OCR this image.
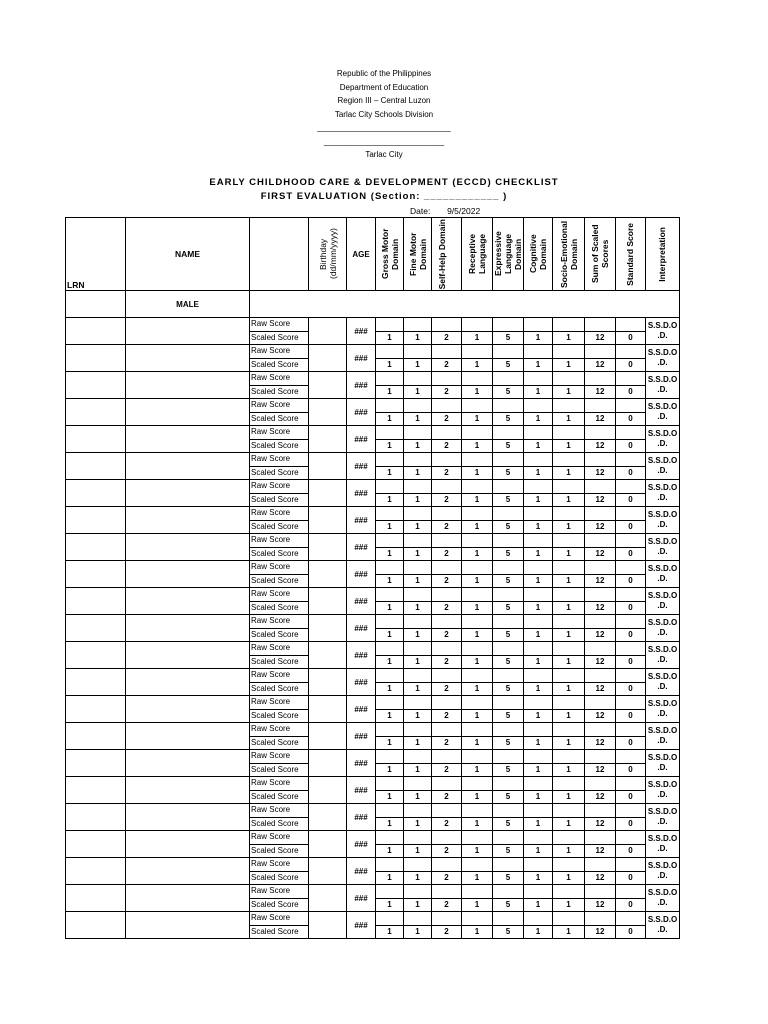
Republic of the Philippines
Department of Education
Region III – Central Luzon
Tarlac City Schools Division
______________________________
___________________________
Tarlac City
EARLY CHILDHOOD CARE & DEVELOPMENT (ECCD) CHECKLIST
FIRST EVALUATION (Section: ____________ )
Date: 9/5/2022
LRN	NAME		Birthday (dd/mm/yyyy)	AGE	Gross Motor Domain	Fine Motor Domain	Self-Help Domain	Receptive Language	Expressive Language Domain	Cognitive Domain	Socio-Emotional Domain	Sum of Scaled Scores	Standard Score	Interpretation

	MALE													
		Raw Score		###										S.S.D.O .D.
		Scaled Score			1	1	2	1	5	1	1	12	0	
		Raw Score		###										S.S.D.O .D.
		Scaled Score			1	1	2	1	5	1	1	12	0	
		Raw Score		###										S.S.D.O .D.
		Scaled Score			1	1	2	1	5	1	1	12	0	
		Raw Score		###										S.S.D.O .D.
		Scaled Score			1	1	2	1	5	1	1	12	0	
		Raw Score		###										S.S.D.O .D.
		Scaled Score			1	1	2	1	5	1	1	12	0	
		Raw Score		###										S.S.D.O .D.
		Scaled Score			1	1	2	1	5	1	1	12	0	
		Raw Score		###										S.S.D.O .D.
		Scaled Score			1	1	2	1	5	1	1	12	0	
		Raw Score		###										S.S.D.O .D.
		Scaled Score			1	1	2	1	5	1	1	12	0	
		Raw Score		###										S.S.D.O .D.
		Scaled Score			1	1	2	1	5	1	1	12	0	
		Raw Score		###										S.S.D.O .D.
		Scaled Score			1	1	2	1	5	1	1	12	0	
		Raw Score		###										S.S.D.O .D.
		Scaled Score			1	1	2	1	5	1	1	12	0	
		Raw Score		###										S.S.D.O .D.
		Scaled Score			1	1	2	1	5	1	1	12	0	
		Raw Score		###										S.S.D.O .D.
		Scaled Score			1	1	2	1	5	1	1	12	0	
		Raw Score		###										S.S.D.O .D.
		Scaled Score			1	1	2	1	5	1	1	12	0	
		Raw Score		###										S.S.D.O .D.
		Scaled Score			1	1	2	1	5	1	1	12	0	
		Raw Score		###										S.S.D.O .D.
		Scaled Score			1	1	2	1	5	1	1	12	0	
		Raw Score		###										S.S.D.O .D.
		Scaled Score			1	1	2	1	5	1	1	12	0	
		Raw Score		###										S.S.D.O .D.
		Scaled Score			1	1	2	1	5	1	1	12	0	
		Raw Score		###										S.S.D.O .D.
		Scaled Score			1	1	2	1	5	1	1	12	0	
		Raw Score		###										S.S.D.O .D.
		Scaled Score			1	1	2	1	5	1	1	12	0	
		Raw Score		###										S.S.D.O .D.
		Scaled Score			1	1	2	1	5	1	1	12	0	
		Raw Score		###										S.S.D.O .D.
		Scaled Score			1	1	2	1	5	1	1	12	0	
		Raw Score		###										S.S.D.O .D.
		Scaled Score			1	1	2	1	5	1	1	12	0	
